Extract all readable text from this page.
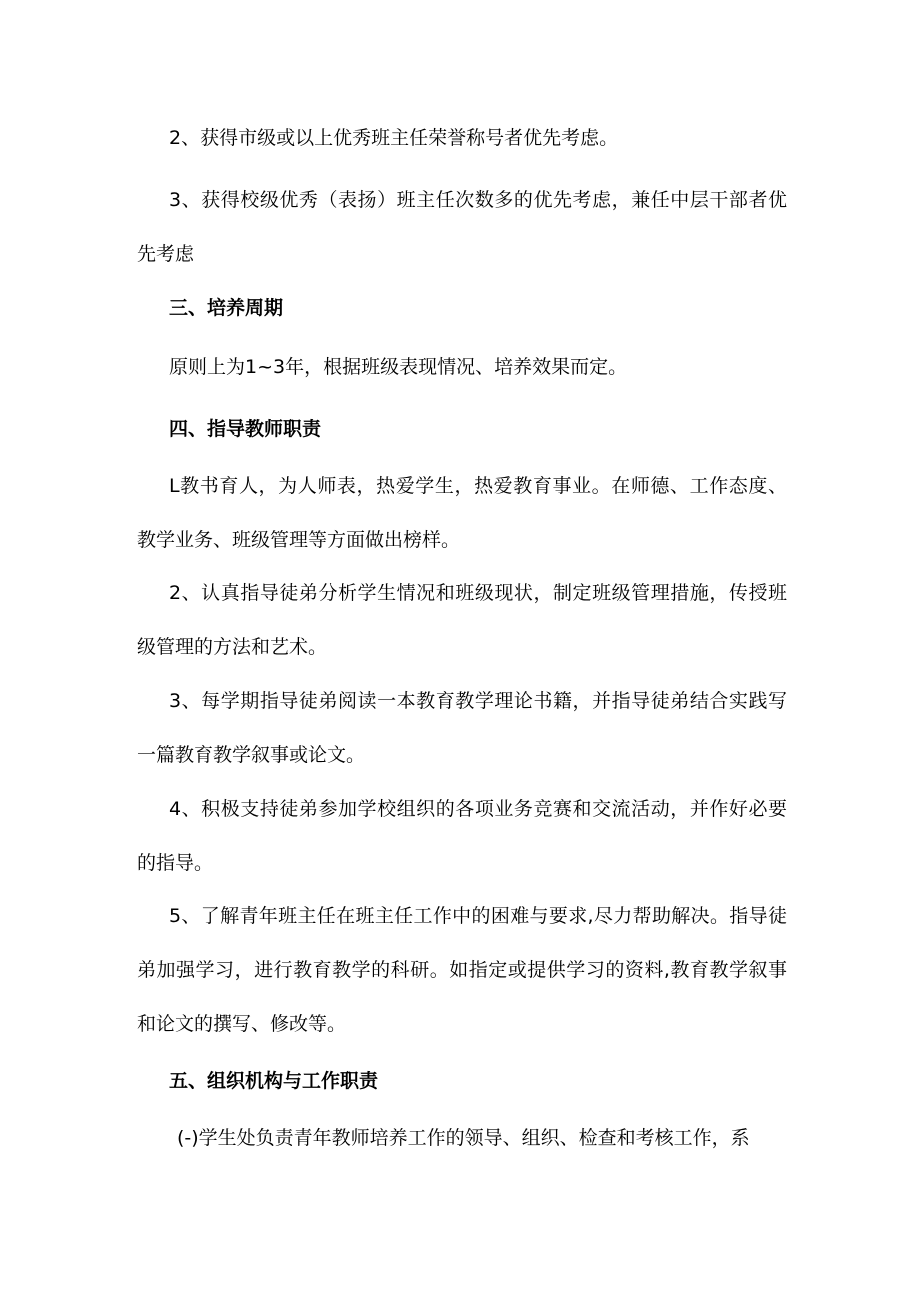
2、获得市级或以上优秀班主任荣誉称号者优先考虑。
3、获得校级优秀（表扬）班主任次数多的优先考虑，兼任中层干部者优先考虑
三、培养周期
原则上为1~3年，根据班级表现情况、培养效果而定。
四、指导教师职责
L教书育人，为人师表，热爱学生，热爱教育事业。在师德、工作态度、教学业务、班级管理等方面做出榜样。
2、认真指导徒弟分析学生情况和班级现状，制定班级管理措施，传授班级管理的方法和艺术。
3、每学期指导徒弟阅读一本教育教学理论书籍，并指导徒弟结合实践写一篇教育教学叙事或论文。
4、积极支持徒弟参加学校组织的各项业务竞赛和交流活动，并作好必要的指导。
5、了解青年班主任在班主任工作中的困难与要求,尽力帮助解决。指导徒弟加强学习，进行教育教学的科研。如指定或提供学习的资料,教育教学叙事和论文的撰写、修改等。
五、组织机构与工作职责
(-)学生处负责青年教师培养工作的领导、组织、检查和考核工作，系
